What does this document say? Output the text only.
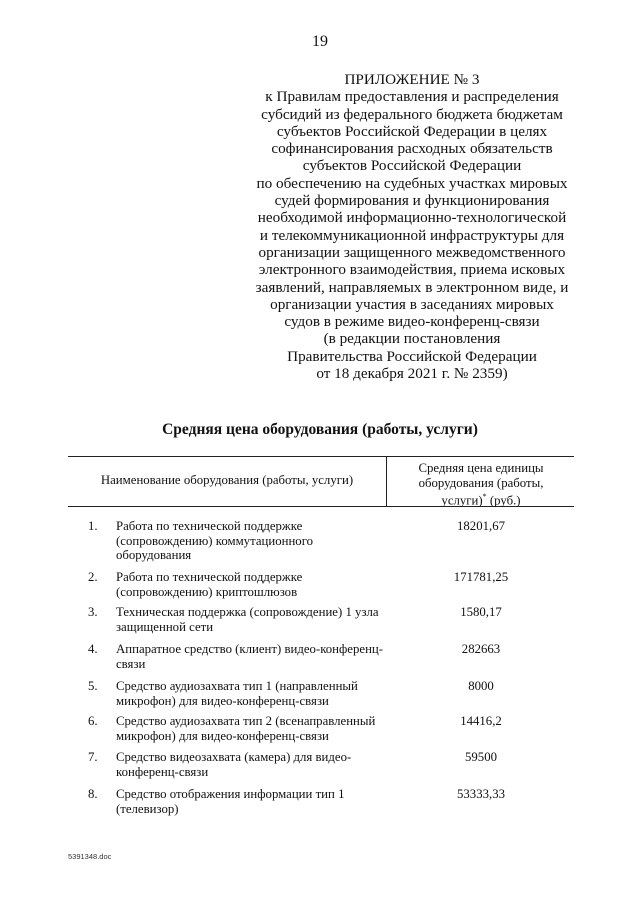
19
ПРИЛОЖЕНИЕ № 3
к Правилам предоставления и распределения
субсидий из федерального бюджета бюджетам
субъектов Российской Федерации в целях
софинансирования расходных обязательств
субъектов Российской Федерации
по обеспечению на судебных участках мировых
судей формирования и функционирования
необходимой информационно-технологической
и телекоммуникационной инфраструктуры для
организации защищенного межведомственного
электронного взаимодействия, приема исковых
заявлений, направляемых в электронном виде, и
организации участия в заседаниях мировых
судов в режиме видео-конференц-связи
(в редакции постановления
Правительства Российской Федерации
от 18 декабря 2021 г. № 2359)
Средняя цена оборудования (работы, услуги)
Наименование оборудования (работы, услуги)
Средняя цена единицы
оборудования (работы,
услуги)* (руб.)
1. Работа по технической поддержке
(сопровождению) коммутационного
оборудования
18201,67
2. Работа по технической поддержке
(сопровождению) криптошлюзов
171781,25
3. Техническая поддержка (сопровождение) 1 узла
защищенной сети
1580,17
4. Аппаратное средство (клиент) видео-конференц-
связи
282663
5. Средство аудиозахвата тип 1 (направленный
микрофон) для видео-конференц-связи
8000
6. Средство аудиозахвата тип 2 (всенаправленный
микрофон) для видео-конференц-связи
14416,2
7. Средство видеозахвата (камера) для видео-
конференц-связи
59500
8. Средство отображения информации тип 1
(телевизор)
53333,33
5391348.doc
